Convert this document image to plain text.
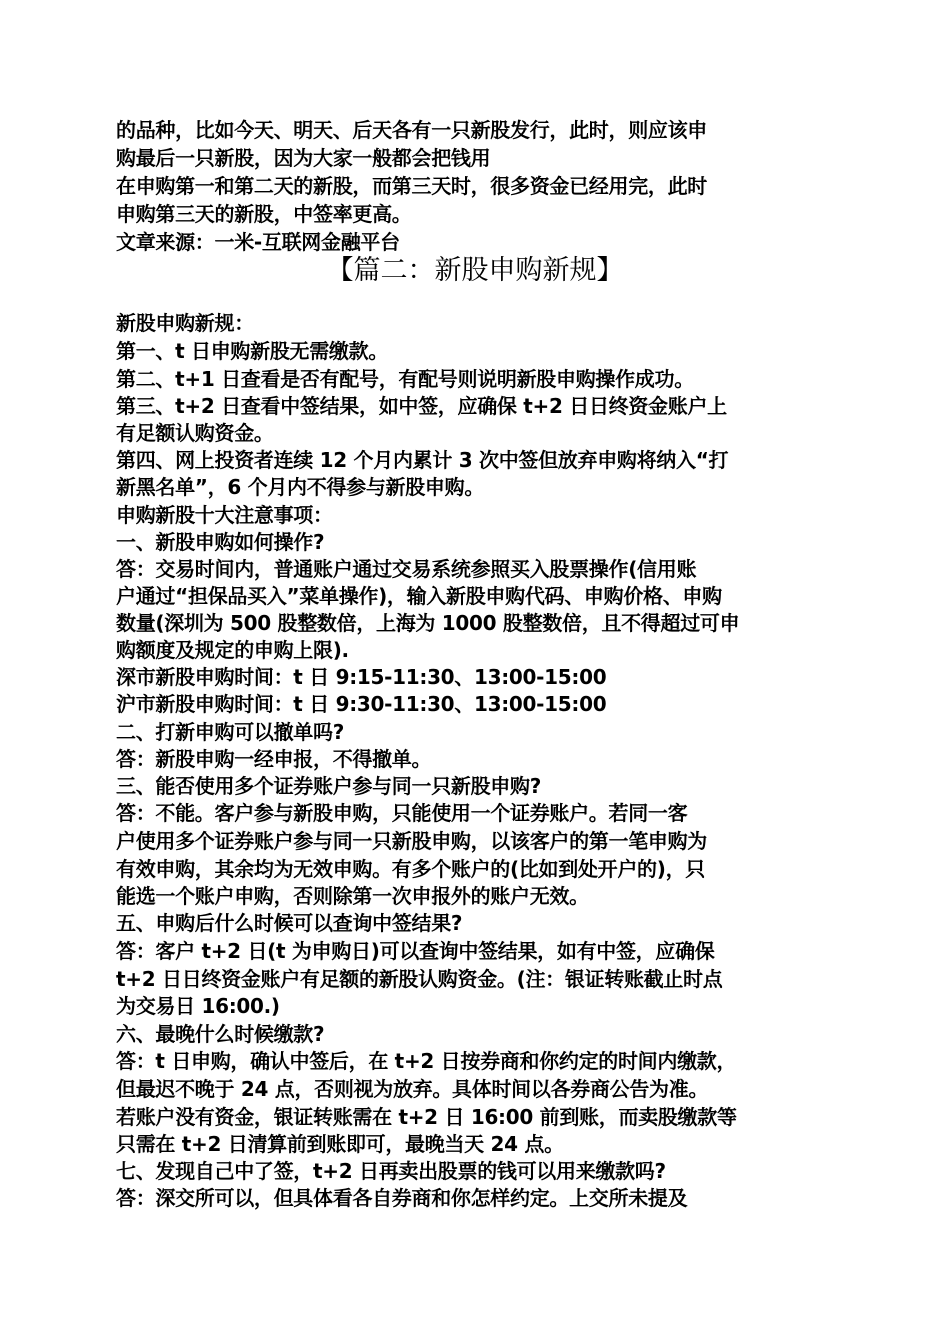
的品种，比如今天、明天、后天各有一只新股发行，此时，则应该申
购最后一只新股，因为大家一般都会把钱用
在申购第一和第二天的新股，而第三天时，很多资金已经用完，此时
申购第三天的新股，中签率更高。
文章来源：一米-互联网金融平台
【篇二：新股申购新规】
新股申购新规：
第一、t 日申购新股无需缴款。
第二、t+1 日查看是否有配号，有配号则说明新股申购操作成功。
第三、t+2 日查看中签结果，如中签，应确保 t+2 日日终资金账户上
有足额认购资金。
第四、网上投资者连续 12 个月内累计 3 次中签但放弃申购将纳入“打
新黑名单”，6 个月内不得参与新股申购。
申购新股十大注意事项：
一、新股申购如何操作?
答：交易时间内，普通账户通过交易系统参照买入股票操作(信用账
户通过“担保品买入”菜单操作)，输入新股申购代码、申购价格、申购
数量(深圳为 500 股整数倍，上海为 1000 股整数倍，且不得超过可申
购额度及规定的申购上限).
深市新股申购时间：t 日 9:15-11:30、13:00-15:00
沪市新股申购时间：t 日 9:30-11:30、13:00-15:00
二、打新申购可以撤单吗?
答：新股申购一经申报，不得撤单。
三、能否使用多个证券账户参与同一只新股申购?
答：不能。客户参与新股申购，只能使用一个证券账户。若同一客
户使用多个证券账户参与同一只新股申购，以该客户的第一笔申购为
有效申购，其余均为无效申购。有多个账户的(比如到处开户的)，只
能选一个账户申购，否则除第一次申报外的账户无效。
五、申购后什么时候可以查询中签结果?
答：客户 t+2 日(t 为申购日)可以查询中签结果，如有中签，应确保
t+2 日日终资金账户有足额的新股认购资金。(注：银证转账截止时点
为交易日 16:00.)
六、最晚什么时候缴款?
答：t 日申购，确认中签后，在 t+2 日按券商和你约定的时间内缴款，
但最迟不晚于 24 点，否则视为放弃。具体时间以各券商公告为准。
若账户没有资金，银证转账需在 t+2 日 16:00 前到账，而卖股缴款等
只需在 t+2 日清算前到账即可，最晚当天 24 点。
七、发现自己中了签，t+2 日再卖出股票的钱可以用来缴款吗?
答：深交所可以，但具体看各自券商和你怎样约定。上交所未提及
